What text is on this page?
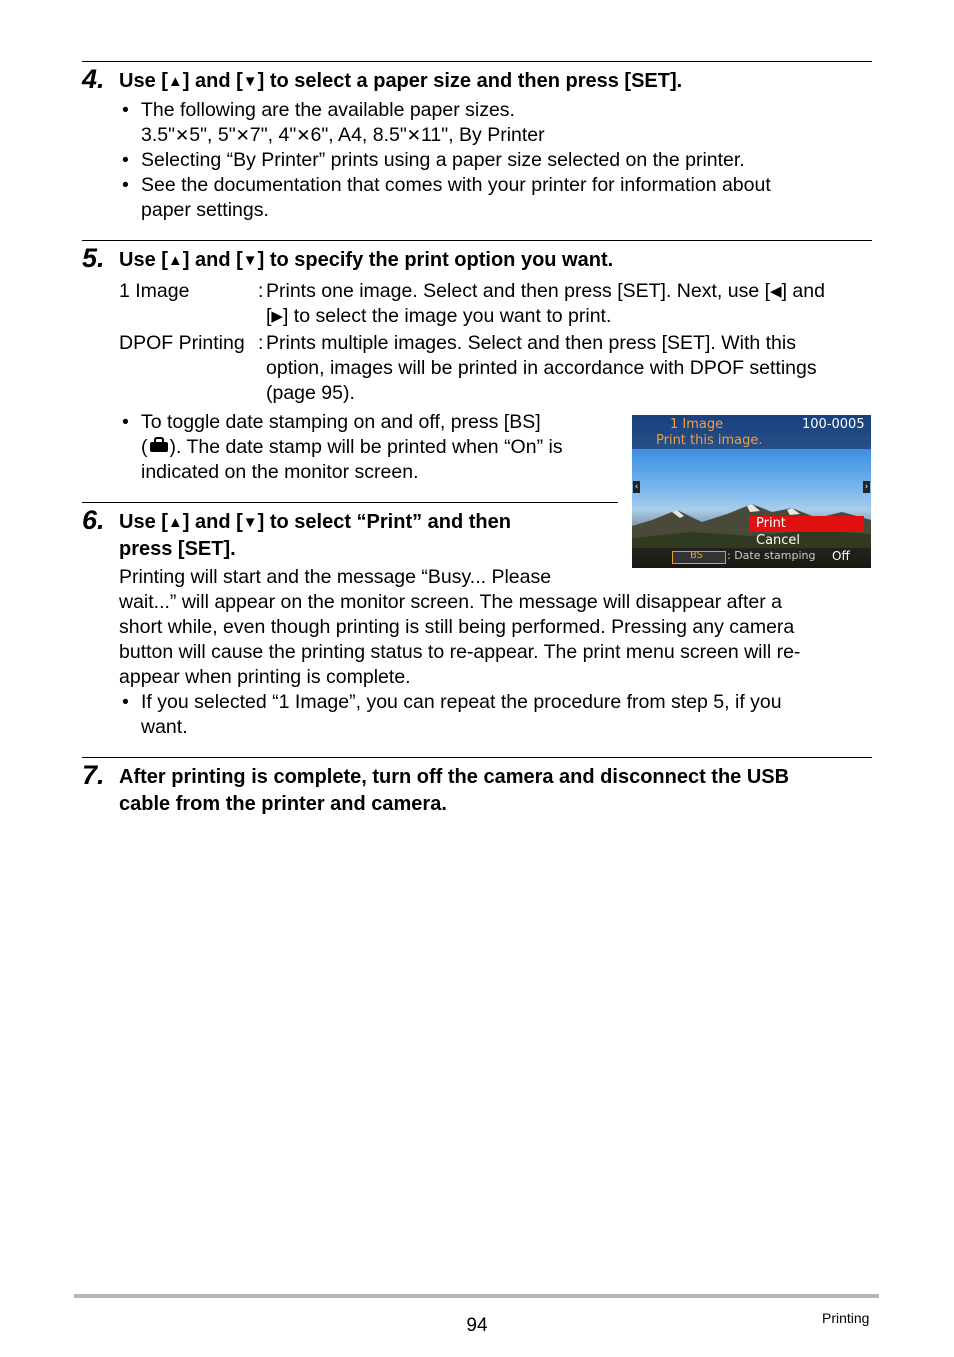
4. Use [▲] and [▼] to select a paper size and then press [SET].
• The following are the available paper sizes.
3.5"✕5", 5"✕7", 4"✕6", A4, 8.5"✕11", By Printer
• Selecting “By Printer” prints using a paper size selected on the printer.
• See the documentation that comes with your printer for information about
paper settings.
5. Use [▲] and [▼] to specify the print option you want.
1 Image	: Prints one image. Select and then press [SET]. Next, use [◀] and
[▶] to select the image you want to print.
DPOF Printing : Prints multiple images. Select and then press [SET]. With this
option, images will be printed in accordance with DPOF settings
(page 95).
• To toggle date stamping on and off, press [BS]
( ). The date stamp will be printed when “On” is
indicated on the monitor screen.
1 Image	100-0005
Print this image.
‹	›
Print
Cancel
BS : Date stamping Off
6. Use [▲] and [▼] to select “Print” and then
press [SET].
Printing will start and the message “Busy... Please
wait...” will appear on the monitor screen. The message will disappear after a
short while, even though printing is still being performed. Pressing any camera
button will cause the printing status to re-appear. The print menu screen will re-
appear when printing is complete.
• If you selected “1 Image”, you can repeat the procedure from step 5, if you
want.
7. After printing is complete, turn off the camera and disconnect the USB
cable from the printer and camera.
94	Printing
